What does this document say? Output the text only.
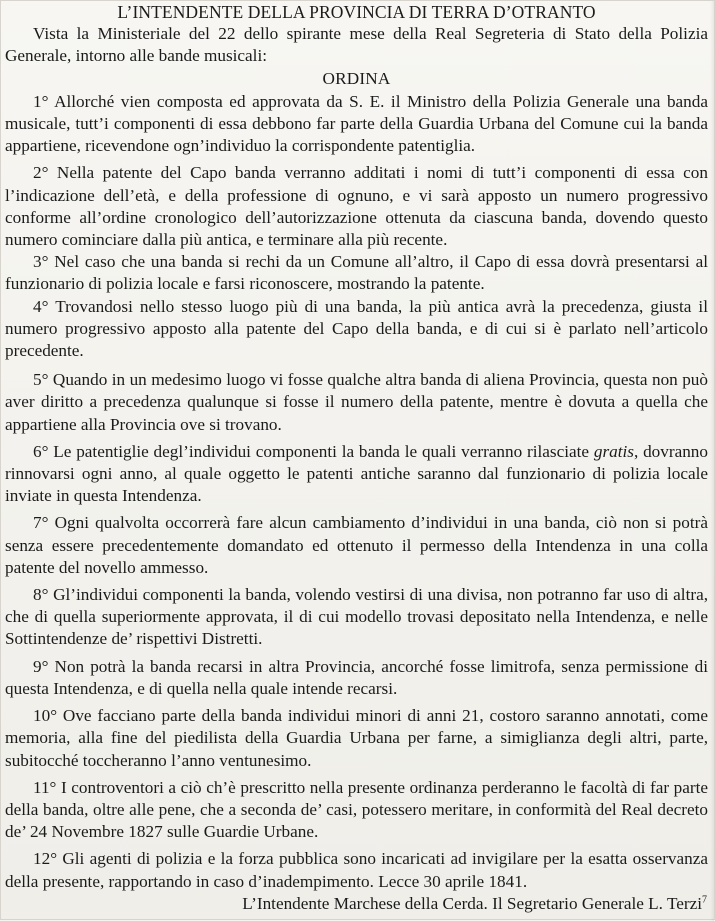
L’INTENDENTE DELLA PROVINCIA DI TERRA D’OTRANTO

Vista la Ministeriale del 22 dello spirante mese della Real Segreteria di Stato della Polizia Generale, intorno alle bande musicali:

ORDINA

1° Allorché vien composta ed approvata da S. E. il Ministro della Polizia Generale una banda musicale, tutt’i componenti di essa debbono far parte della Guardia Urbana del Comune cui la banda appartiene, ricevendone ogn’individuo la corrispondente patentiglia.

2° Nella patente del Capo banda verranno additati i nomi di tutt’i componenti di essa con l’indicazione dell’età, e della professione di ognuno, e vi sarà apposto un numero progressivo conforme all’ordine cronologico dell’autorizzazione ottenuta da ciascuna banda, dovendo questo numero cominciare dalla più antica, e terminare alla più recente.

3° Nel caso che una banda si rechi da un Comune all’altro, il Capo di essa dovrà presentarsi al funzionario di polizia locale e farsi riconoscere, mostrando la patente.

4° Trovandosi nello stesso luogo più di una banda, la più antica avrà la precedenza, giusta il numero progressivo apposto alla patente del Capo della banda, e di cui si è parlato nell’articolo precedente.

5° Quando in un medesimo luogo vi fosse qualche altra banda di aliena Provincia, questa non può aver diritto a precedenza qualunque si fosse il numero della patente, mentre è dovuta a quella che appartiene alla Provincia ove si trovano.

6° Le patentiglie degl’individui componenti la banda le quali verranno rilasciate gratis, dovranno rinnovarsi ogni anno, al quale oggetto le patenti antiche saranno dal funzionario di polizia locale inviate in questa Intendenza.

7° Ogni qualvolta occorrerà fare alcun cambiamento d’individui in una banda, ciò non si potrà senza essere precedentemente domandato ed ottenuto il permesso della Intendenza in una colla patente del novello ammesso.

8° Gl’individui componenti la banda, volendo vestirsi di una divisa, non potranno far uso di altra, che di quella superiormente approvata, il di cui modello trovasi depositato nella Intendenza, e nelle Sottintendenze de’ rispettivi Distretti.

9° Non potrà la banda recarsi in altra Provincia, ancorché fosse limitrofa, senza permissione di questa Intendenza, e di quella nella quale intende recarsi.

10° Ove facciano parte della banda individui minori di anni 21, costoro saranno annotati, come memoria, alla fine del piedilista della Guardia Urbana per farne, a simiglianza degli altri, parte, subitocché toccheranno l’anno ventunesimo.

11° I controventori a ciò ch’è prescritto nella presente ordinanza perderanno le facoltà di far parte della banda, oltre alle pene, che a seconda de’ casi, potessero meritare, in conformità del Real decreto de’ 24 Novembre 1827 sulle Guardie Urbane.

12° Gli agenti di polizia e la forza pubblica sono incaricati ad invigilare per la esatta osservanza della presente, rapportando in caso d’inadempimento. Lecce 30 aprile 1841.

L’Intendente Marchese della Cerda. Il Segretario Generale L. Terzi$^7$
